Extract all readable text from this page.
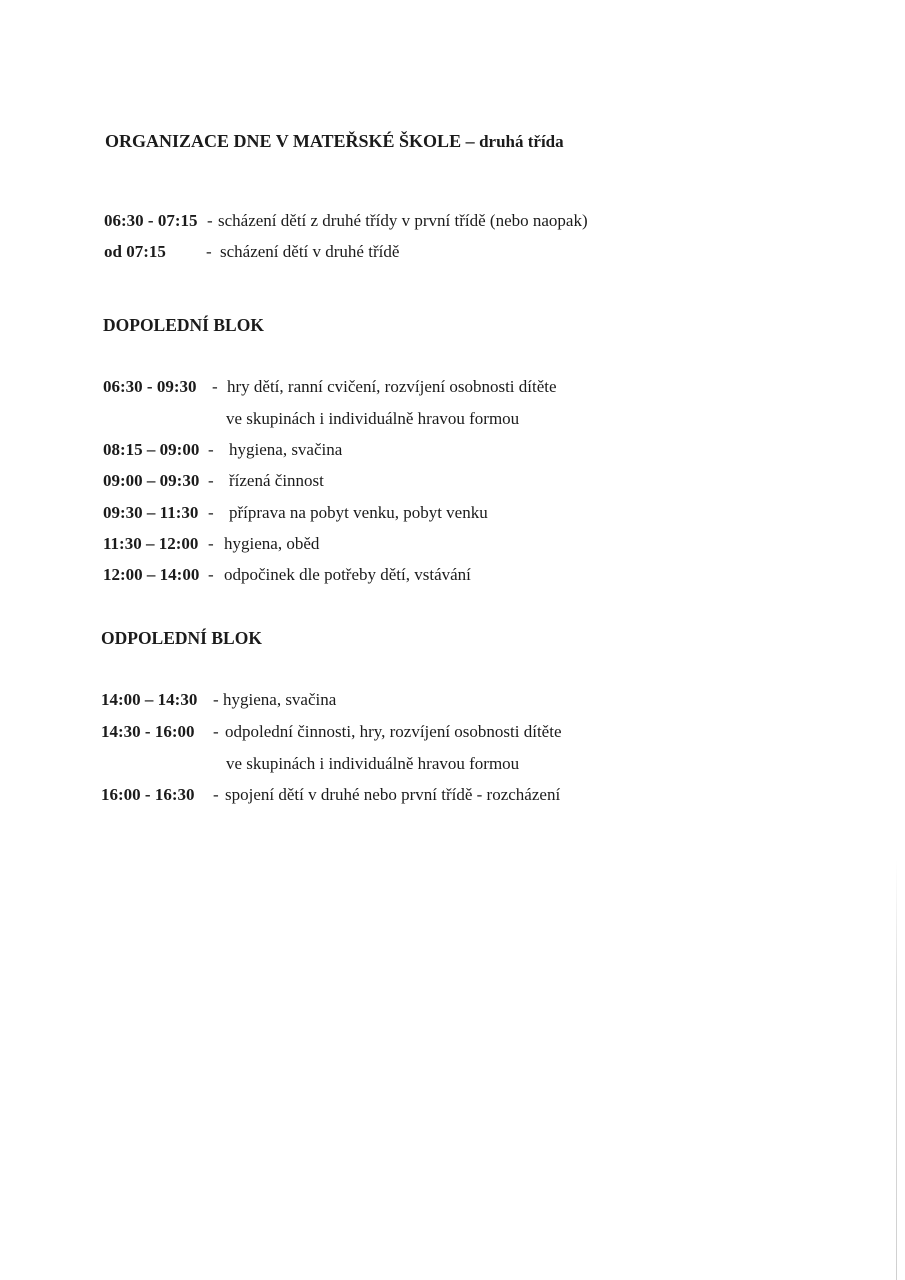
ORGANIZACE DNE V MATEŘSKÉ ŠKOLE – druhá třída
06:30 - 07:15 - scházení dětí z druhé třídy v první třídě (nebo naopak)
od 07:15 - scházení dětí v druhé třídě
DOPOLEDNÍ BLOK
06:30 - 09:30 - hry dětí, ranní cvičení, rozvíjení osobnosti dítěte
ve skupinách i individuálně hravou formou
08:15 – 09:00 - hygiena, svačina
09:00 – 09:30 - řízená činnost
09:30 – 11:30 - příprava na pobyt venku, pobyt venku
11:30 – 12:00 - hygiena, oběd
12:00 – 14:00 - odpočinek dle potřeby dětí, vstávání
ODPOLEDNÍ BLOK
14:00 – 14:30 - hygiena, svačina
14:30 - 16:00 - odpolední činnosti, hry, rozvíjení osobnosti dítěte
ve skupinách i individuálně hravou formou
16:00 - 16:30 - spojení dětí v druhé nebo první třídě - rozcházení
